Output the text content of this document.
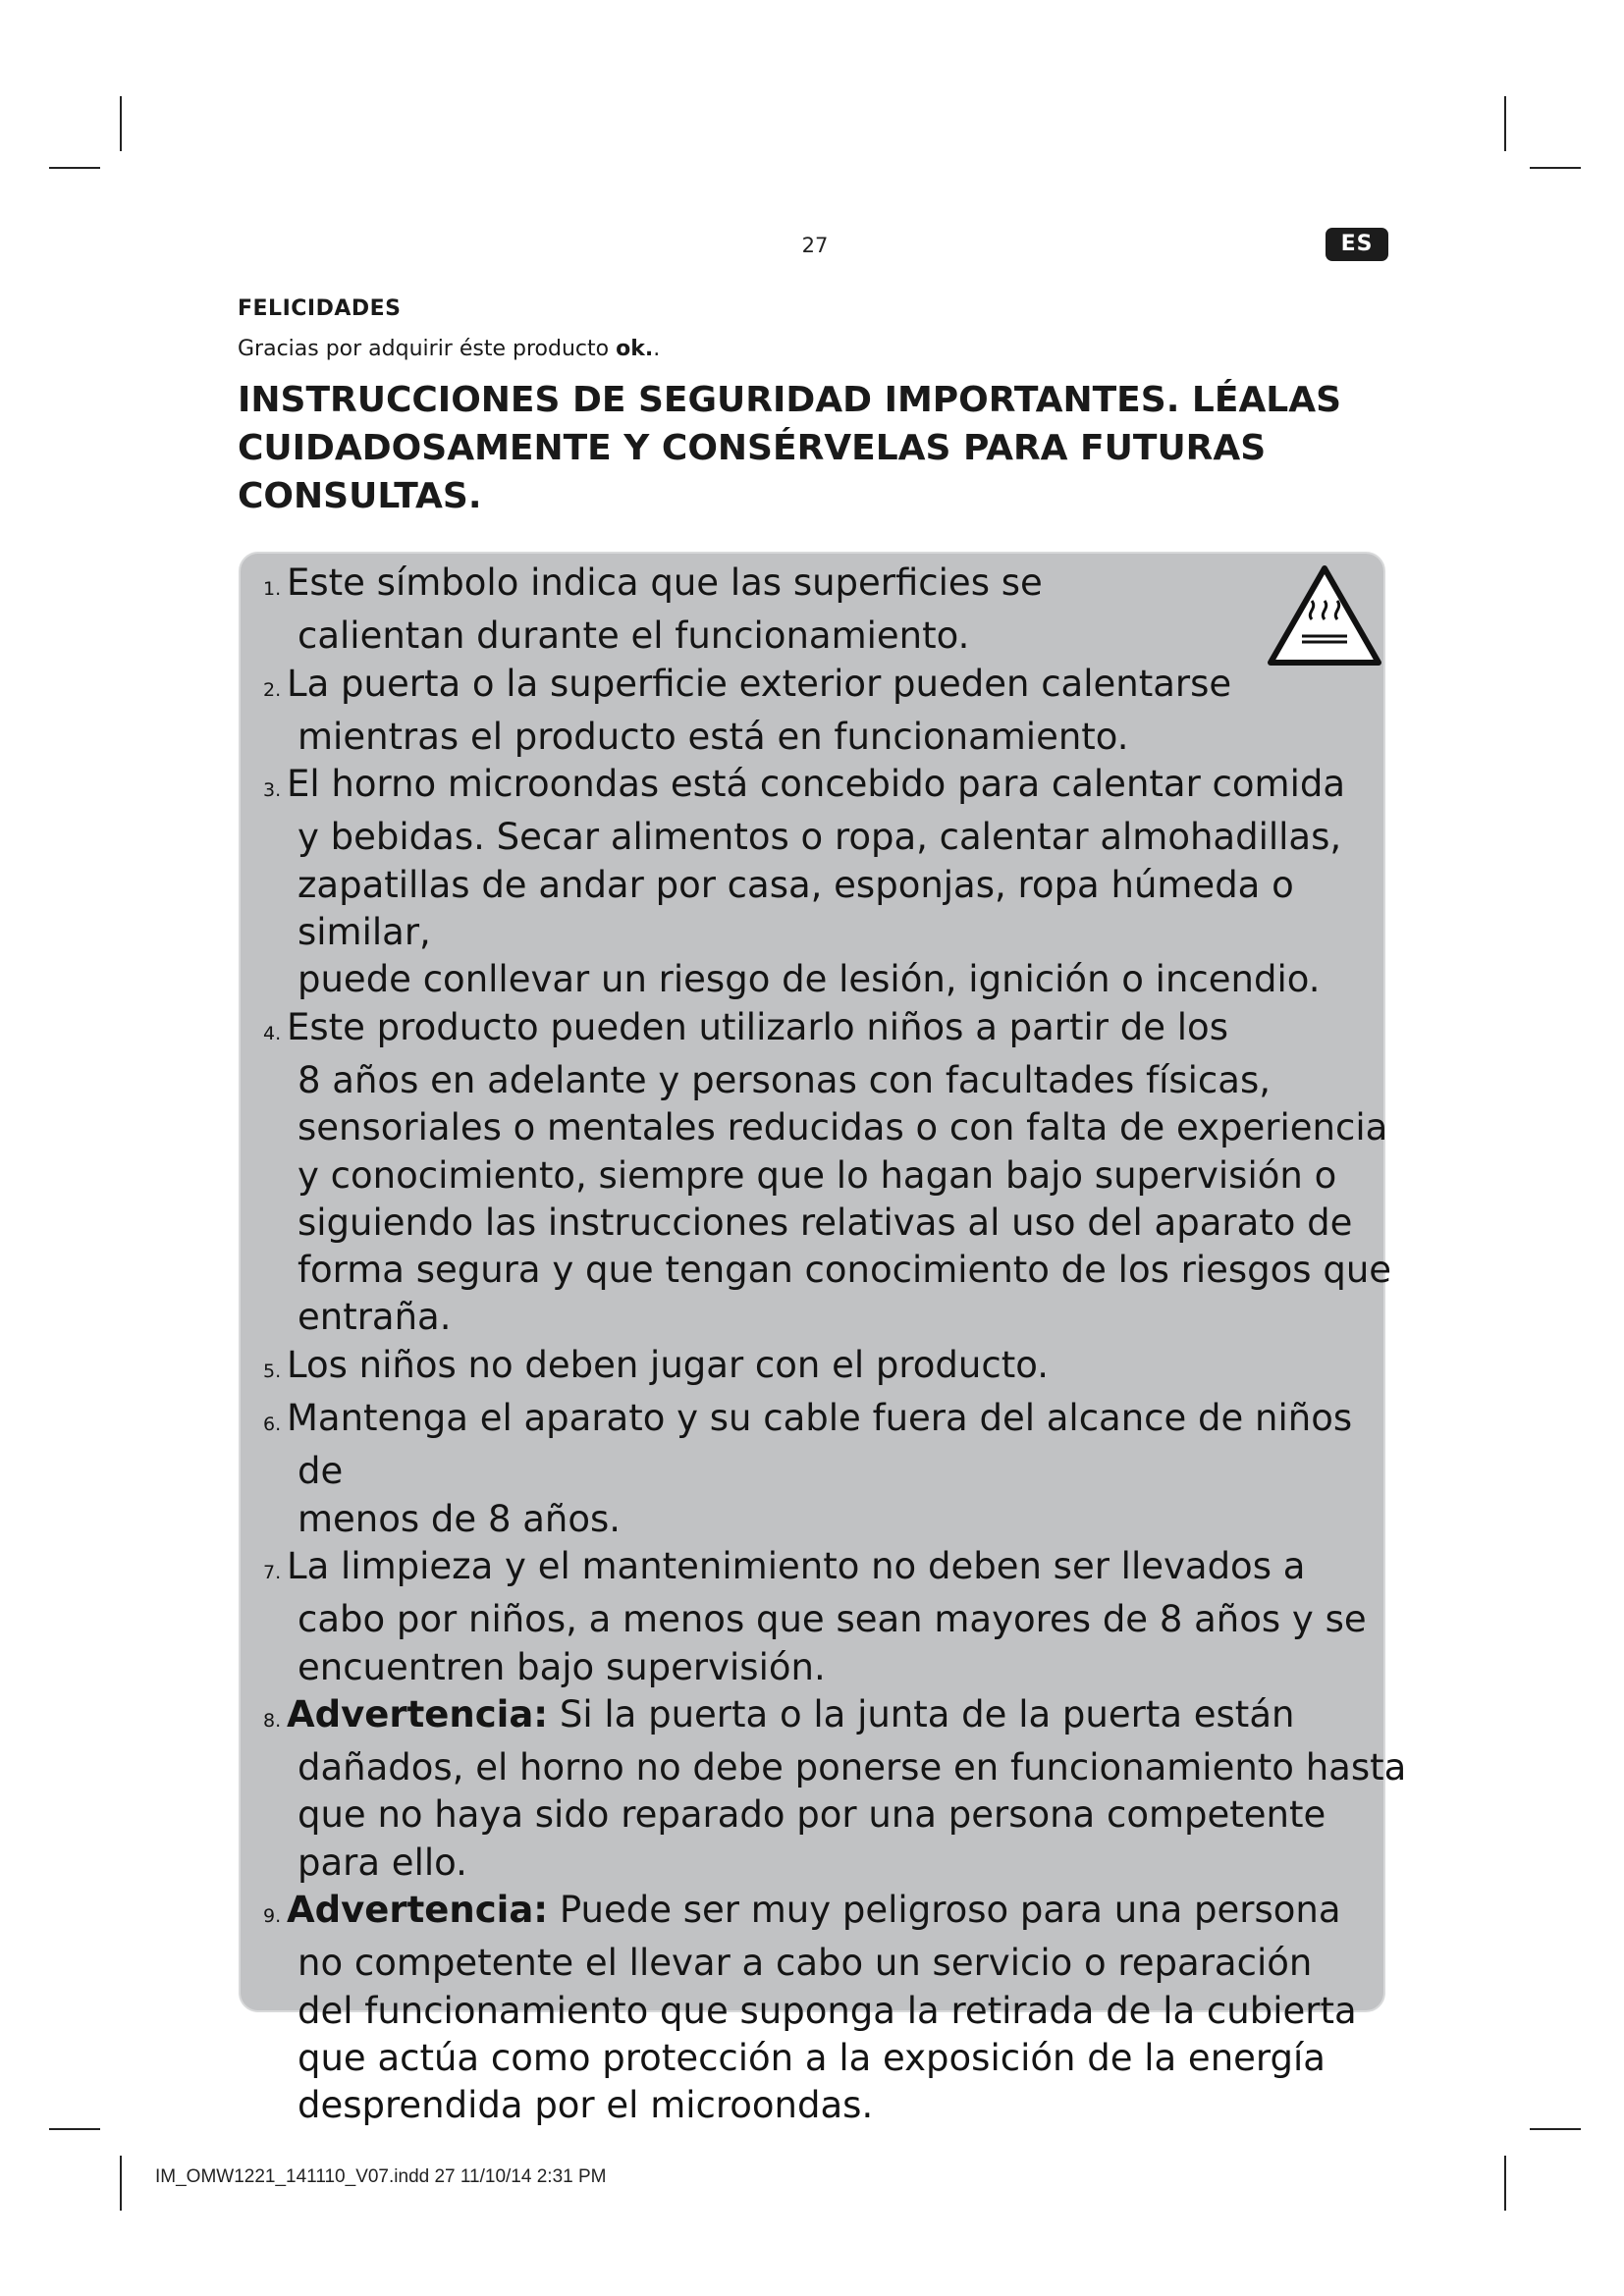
27	ES
FELICIDADES
Gracias por adquirir éste producto ok..
INSTRUCCIONES DE SEGURIDAD IMPORTANTES. LÉALAS
CUIDADOSAMENTE Y CONSÉRVELAS PARA FUTURAS
CONSULTAS.
1. Este símbolo indica que las superficies se
calientan durante el funcionamiento.
2. La puerta o la superficie exterior pueden calentarse
mientras el producto está en funcionamiento.
3. El horno microondas está concebido para calentar comida
y bebidas. Secar alimentos o ropa, calentar almohadillas,
zapatillas de andar por casa, esponjas, ropa húmeda o similar,
puede conllevar un riesgo de lesión, ignición o incendio.
4. Este producto pueden utilizarlo niños a partir de los
8 años en adelante y personas con facultades físicas,
sensoriales o mentales reducidas o con falta de experiencia
y conocimiento, siempre que lo hagan bajo supervisión o
siguiendo las instrucciones relativas al uso del aparato de
forma segura y que tengan conocimiento de los riesgos que
entraña.
5. Los niños no deben jugar con el producto.
6. Mantenga el aparato y su cable fuera del alcance de niños de
menos de 8 años.
7. La limpieza y el mantenimiento no deben ser llevados a
cabo por niños, a menos que sean mayores de 8 años y se
encuentren bajo supervisión.
8. Advertencia: Si la puerta o la junta de la puerta están
dañados, el horno no debe ponerse en funcionamiento hasta
que no haya sido reparado por una persona competente
para ello.
9. Advertencia: Puede ser muy peligroso para una persona
no competente el llevar a cabo un servicio o reparación
del funcionamiento que suponga la retirada de la cubierta
que actúa como protección a la exposición de la energía
desprendida por el microondas.
IM_OMW1221_141110_V07.indd 27 11/10/14 2:31 PM
